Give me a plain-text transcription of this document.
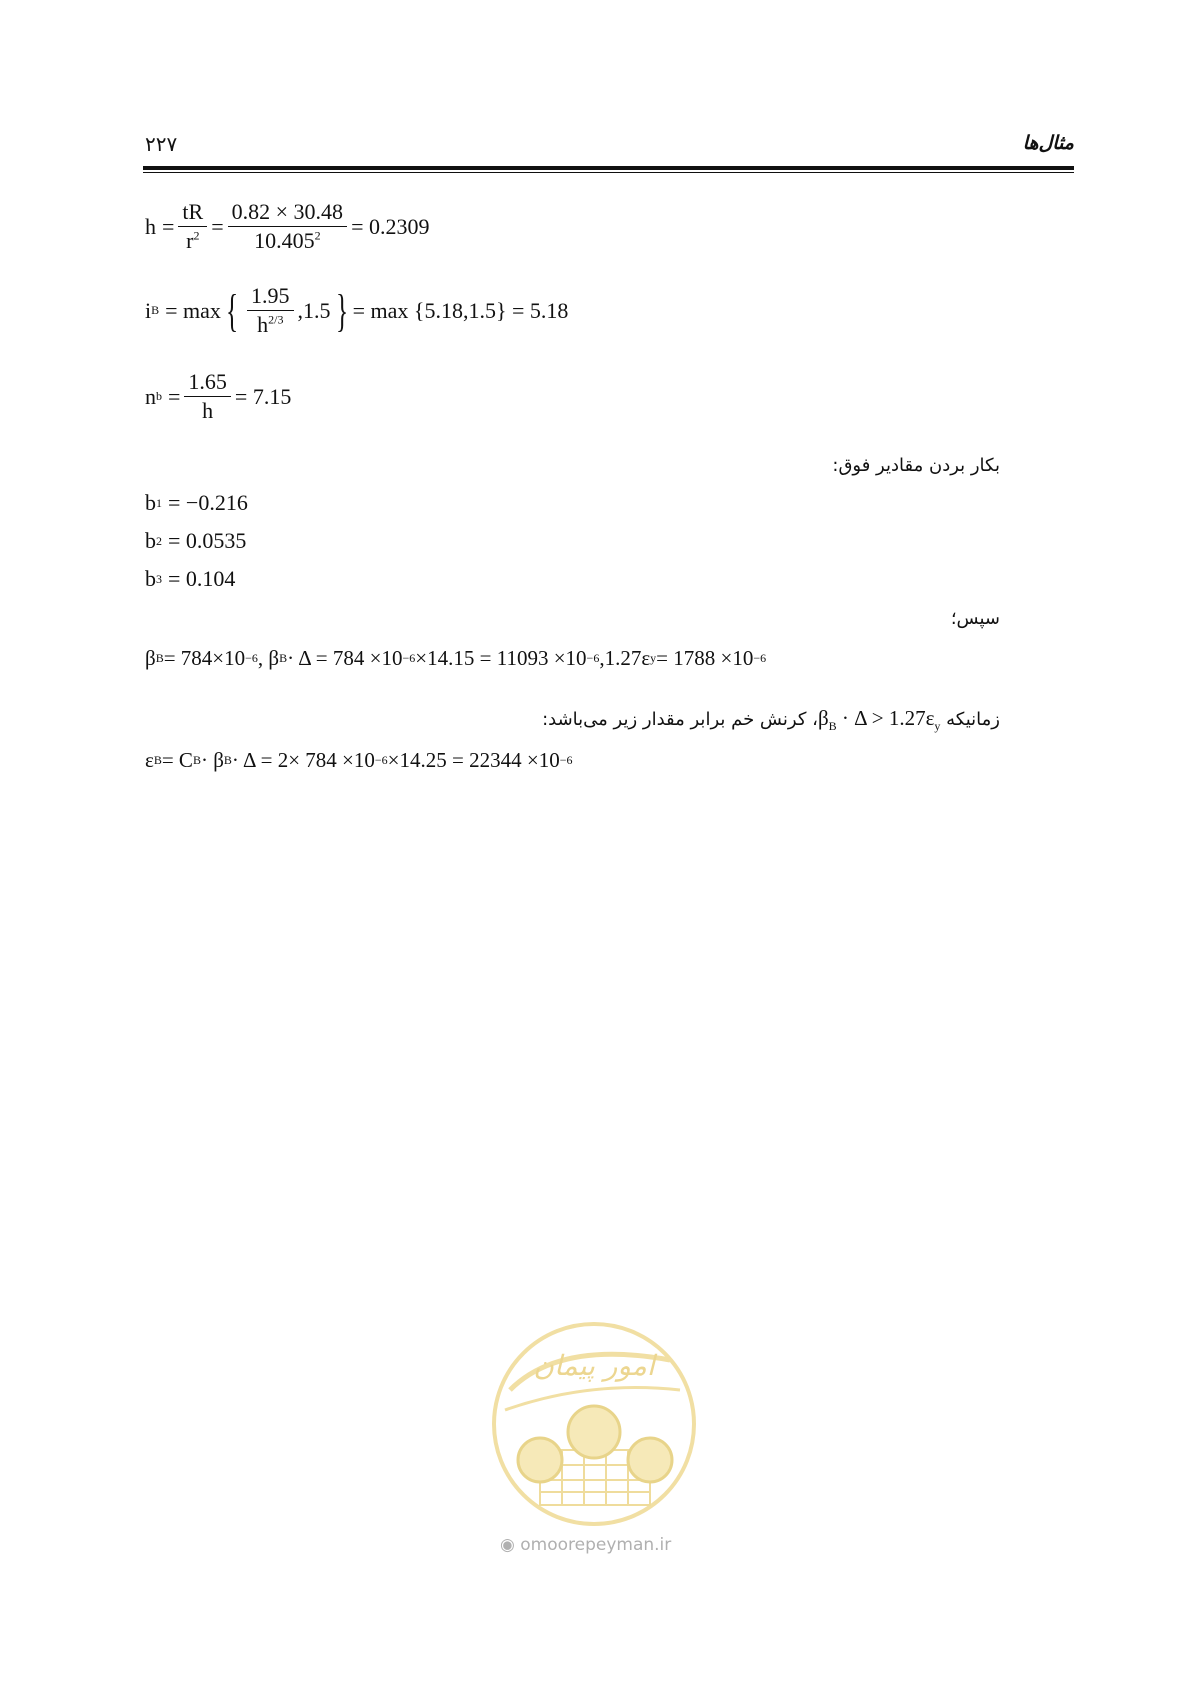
۲۲۷	مثال‌ها
$h = \frac{tR}{r^2} = \frac{0.82 \times 30.48}{10.405^2} = 0.2309$
i B = max { $\frac{1.95}{h^{2/3}} ,1.5$ } = max {5.18,1.5} = 5.18
n $b = \frac{1.65}{h} = 7.15$
بکار بردن مقادیر فوق:
b 1 = −0.216
b 2 = 0.0535
b 3 = 0.104
سپس؛
β B = 784×10 −6 , β B · Δ = 784 ×10 −6 ×14.15 = 11093 ×10 −6 ,1.27ε y = 1788 ×10 −6
زمانیکه $\beta_B \cdot \Delta$ > $1.27\varepsilon_y،$ کرنش خم برابر مقدار زیر می‌باشد:
ε B = C B · β B · Δ = 2× 784 ×10 −6 ×14.25 = 22344 ×10 −6
امور پیمان
◉ omoorepeyman.ir
